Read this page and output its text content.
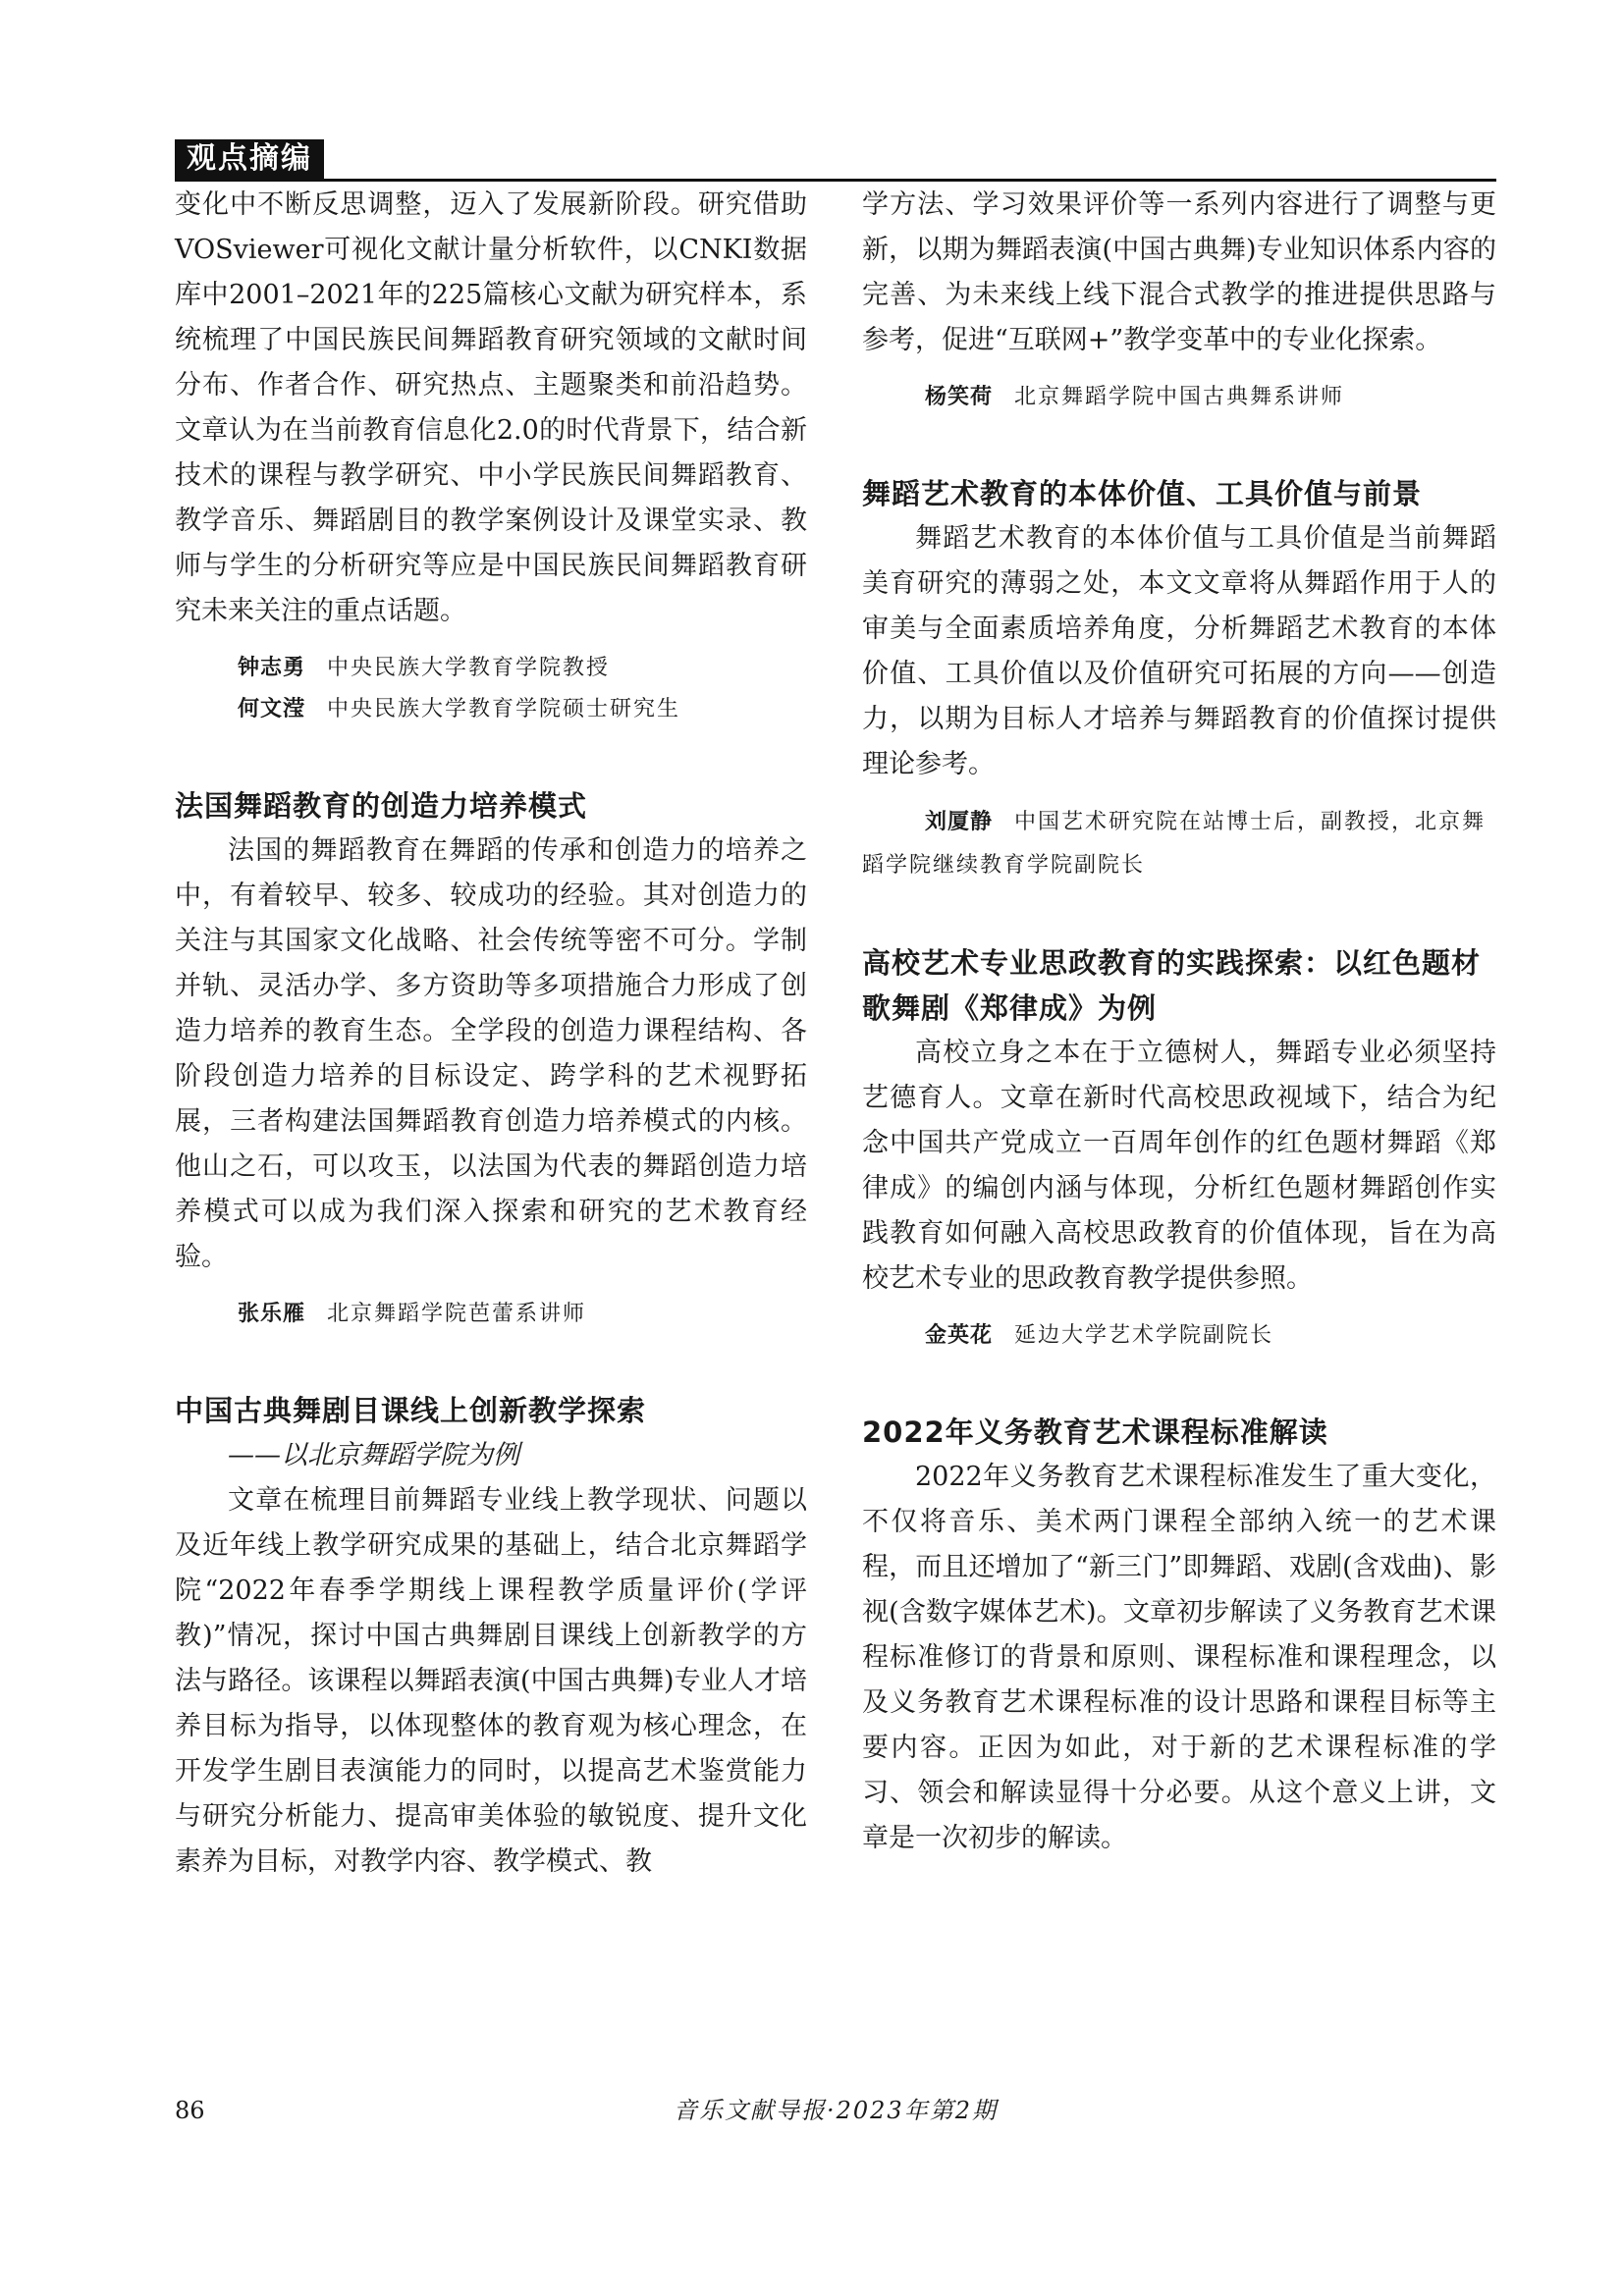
观点摘编

变化中不断反思调整，迈入了发展新阶段。研究借助VOSviewer可视化文献计量分析软件，以CNKI数据库中2001–2021年的225篇核心文献为研究样本，系统梳理了中国民族民间舞蹈教育研究领域的文献时间分布、作者合作、研究热点、主题聚类和前沿趋势。文章认为在当前教育信息化2.0的时代背景下，结合新技术的课程与教学研究、中小学民族民间舞蹈教育、教学音乐、舞蹈剧目的教学案例设计及课堂实录、教师与学生的分析研究等应是中国民族民间舞蹈教育研究未来关注的重点话题。

钟志勇 中央民族大学教育学院教授

何文滢 中央民族大学教育学院硕士研究生

法国舞蹈教育的创造力培养模式

法国的舞蹈教育在舞蹈的传承和创造力的培养之中，有着较早、较多、较成功的经验。其对创造力的关注与其国家文化战略、社会传统等密不可分。学制并轨、灵活办学、多方资助等多项措施合力形成了创造力培养的教育生态。全学段的创造力课程结构、各阶段创造力培养的目标设定、跨学科的艺术视野拓展，三者构建法国舞蹈教育创造力培养模式的内核。他山之石，可以攻玉，以法国为代表的舞蹈创造力培养模式可以成为我们深入探索和研究的艺术教育经验。

张乐雁 北京舞蹈学院芭蕾系讲师

中国古典舞剧目课线上创新教学探索
——以北京舞蹈学院为例

文章在梳理目前舞蹈专业线上教学现状、问题以及近年线上教学研究成果的基础上，结合北京舞蹈学院“2022年春季学期线上课程教学质量评价(学评教)”情况，探讨中国古典舞剧目课线上创新教学的方法与路径。该课程以舞蹈表演(中国古典舞)专业人才培养目标为指导，以体现整体的教育观为核心理念，在开发学生剧目表演能力的同时，以提高艺术鉴赏能力与研究分析能力、提高审美体验的敏锐度、提升文化素养为目标，对教学内容、教学模式、教

学方法、学习效果评价等一系列内容进行了调整与更新，以期为舞蹈表演(中国古典舞)专业知识体系内容的完善、为未来线上线下混合式教学的推进提供思路与参考，促进“互联网+”教学变革中的专业化探索。

杨笑荷 北京舞蹈学院中国古典舞系讲师

舞蹈艺术教育的本体价值、工具价值与前景

舞蹈艺术教育的本体价值与工具价值是当前舞蹈美育研究的薄弱之处，本文文章将从舞蹈作用于人的审美与全面素质培养角度，分析舞蹈艺术教育的本体价值、工具价值以及价值研究可拓展的方向——创造力，以期为目标人才培养与舞蹈教育的价值探讨提供理论参考。

刘厦静 中国艺术研究院在站博士后，副教授，北京舞蹈学院继续教育学院副院长

高校艺术专业思政教育的实践探索：以红色题材歌舞剧《郑律成》为例

高校立身之本在于立德树人，舞蹈专业必须坚持艺德育人。文章在新时代高校思政视域下，结合为纪念中国共产党成立一百周年创作的红色题材舞蹈《郑律成》的编创内涵与体现，分析红色题材舞蹈创作实践教育如何融入高校思政教育的价值体现，旨在为高校艺术专业的思政教育教学提供参照。

金英花 延边大学艺术学院副院长

2022年义务教育艺术课程标准解读

2022年义务教育艺术课程标准发生了重大变化，不仅将音乐、美术两门课程全部纳入统一的艺术课程，而且还增加了“新三门”即舞蹈、戏剧(含戏曲)、影视(含数字媒体艺术)。文章初步解读了义务教育艺术课程标准修订的背景和原则、课程标准和课程理念，以及义务教育艺术课程标准的设计思路和课程目标等主要内容。正因为如此，对于新的艺术课程标准的学习、领会和解读显得十分必要。从这个意义上讲，文章是一次初步的解读。

86	音乐文献导报·2023年第2期
